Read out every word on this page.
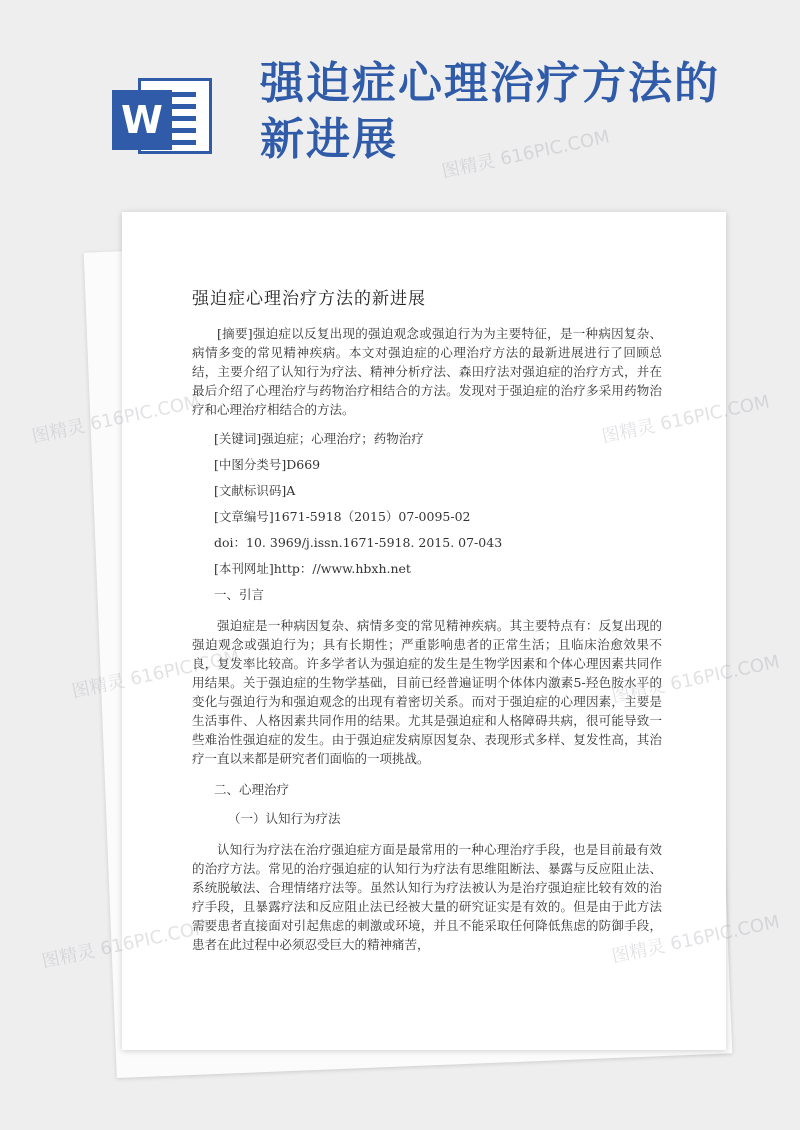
W
强迫症心理治疗方法的新进展
强迫症心理治疗方法的新进展

[摘要]强迫症以反复出现的强迫观念或强迫行为为主要特征，是一种病因复杂、病情多变的常见精神疾病。本文对强迫症的心理治疗方法的最新进展进行了回顾总结，主要介绍了认知行为疗法、精神分析疗法、森田疗法对强迫症的治疗方式，并在最后介绍了心理治疗与药物治疗相结合的方法。发现对于强迫症的治疗多采用药物治疗和心理治疗相结合的方法。

[关键词]强迫症；心理治疗；药物治疗
[中图分类号]D669
[文献标识码]A
[文章编号]1671-5918（2015）07-0095-02
doi：10. 3969/j.issn.1671-5918. 2015. 07-043
[本刊网址]http：//www.hbxh.net
一、引言

强迫症是一种病因复杂、病情多变的常见精神疾病。其主要特点有：反复出现的强迫观念或强迫行为；具有长期性；严重影响患者的正常生活；且临床治愈效果不良，复发率比较高。许多学者认为强迫症的发生是生物学因素和个体心理因素共同作用结果。关于强迫症的生物学基础，目前已经普遍证明个体体内激素5-羟色胺水平的变化与强迫行为和强迫观念的出现有着密切关系。而对于强迫症的心理因素，主要是生活事件、人格因素共同作用的结果。尤其是强迫症和人格障碍共病，很可能导致一些难治性强迫症的发生。由于强迫症发病原因复杂、表现形式多样、复发性高，其治疗一直以来都是研究者们面临的一项挑战。

二、心理治疗
（一）认知行为疗法

认知行为疗法在治疗强迫症方面是最常用的一种心理治疗手段，也是目前最有效的治疗方法。常见的治疗强迫症的认知行为疗法有思维阻断法、暴露与反应阻止法、系统脱敏法、合理情绪疗法等。虽然认知行为疗法被认为是治疗强迫症比较有效的治疗手段，且暴露疗法和反应阻止法已经被大量的研究证实是有效的。但是由于此方法需要患者直接面对引起焦虑的刺激或环境，并且不能采取任何降低焦虑的防御手段，患者在此过程中必须忍受巨大的精神痛苦，

图精灵 616PIC.COM
图精灵 616PIC.COM	图精灵 616PIC.COM
图精灵 616PIC.COM	图精灵 616PIC.COM
图精灵 616PIC.COM	图精灵 616PIC.COM
